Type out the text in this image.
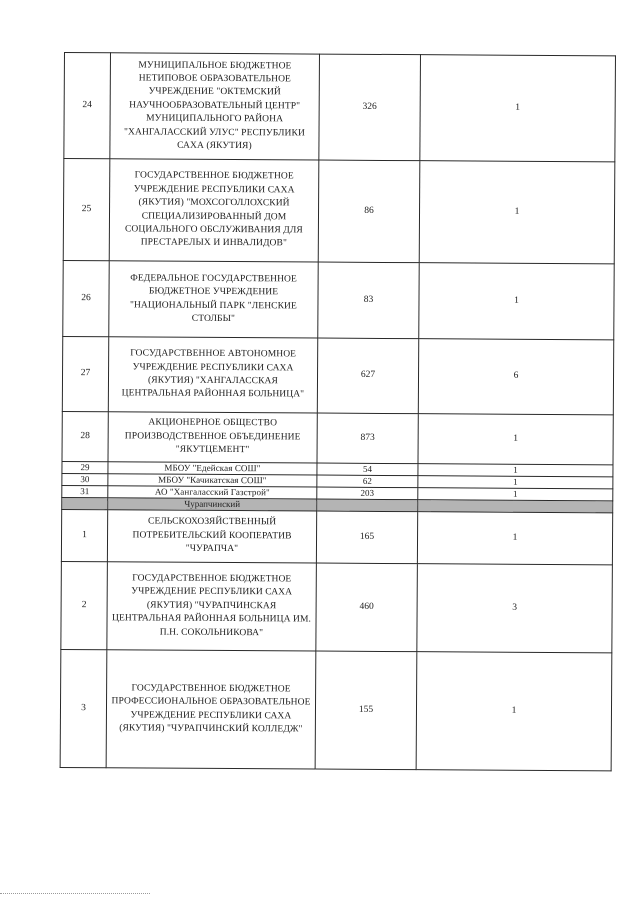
24	МУНИЦИПАЛЬНОЕ БЮДЖЕТНОЕ НЕТИПОВОЕ ОБРАЗОВАТЕЛЬНОЕ УЧРЕЖДЕНИЕ "ОКТЕМСКИЙ НАУЧНООБРАЗОВАТЕЛЬНЫЙ ЦЕНТР" МУНИЦИПАЛЬНОГО РАЙОНА "ХАНГАЛАССКИЙ УЛУС" РЕСПУБЛИКИ САХА (ЯКУТИЯ)	326	1
25	ГОСУДАРСТВЕННОЕ БЮДЖЕТНОЕ УЧРЕЖДЕНИЕ РЕСПУБЛИКИ САХА (ЯКУТИЯ) "МОХСОГОЛЛОХСКИЙ СПЕЦИАЛИЗИРОВАННЫЙ ДОМ СОЦИАЛЬНОГО ОБСЛУЖИВАНИЯ ДЛЯ ПРЕСТАРЕЛЫХ И ИНВАЛИДОВ"	86	1
26	ФЕДЕРАЛЬНОЕ ГОСУДАРСТВЕННОЕ БЮДЖЕТНОЕ УЧРЕЖДЕНИЕ "НАЦИОНАЛЬНЫЙ ПАРК "ЛЕНСКИЕ СТОЛБЫ"	83	1
27	ГОСУДАРСТВЕННОЕ АВТОНОМНОЕ УЧРЕЖДЕНИЕ РЕСПУБЛИКИ САХА (ЯКУТИЯ) "ХАНГАЛАССКАЯ ЦЕНТРАЛЬНАЯ РАЙОННАЯ БОЛЬНИЦА"	627	6
28	АКЦИОНЕРНОЕ ОБЩЕСТВО ПРОИЗВОДСТВЕННОЕ ОБЪЕДИНЕНИЕ "ЯКУТЦЕМЕНТ"	873	1
29	МБОУ "Едейская СОШ"	54	1
30	МБОУ "Качикатская СОШ"	62	1
31	АО "Хангаласский Газстрой"	203	1
	Чурапчинский		
1	СЕЛЬСКОХОЗЯЙСТВЕННЫЙ ПОТРЕБИТЕЛЬСКИЙ КООПЕРАТИВ "ЧУРАПЧА"	165	1
2	ГОСУДАРСТВЕННОЕ БЮДЖЕТНОЕ УЧРЕЖДЕНИЕ РЕСПУБЛИКИ САХА (ЯКУТИЯ) "ЧУРАПЧИНСКАЯ ЦЕНТРАЛЬНАЯ РАЙОННАЯ БОЛЬНИЦА ИМ. П.Н. СОКОЛЬНИКОВА"	460	3
3	ГОСУДАРСТВЕННОЕ БЮДЖЕТНОЕ ПРОФЕССИОНАЛЬНОЕ ОБРАЗОВАТЕЛЬНОЕ УЧРЕЖДЕНИЕ РЕСПУБЛИКИ САХА (ЯКУТИЯ) "ЧУРАПЧИНСКИЙ КОЛЛЕДЖ"	155	1
